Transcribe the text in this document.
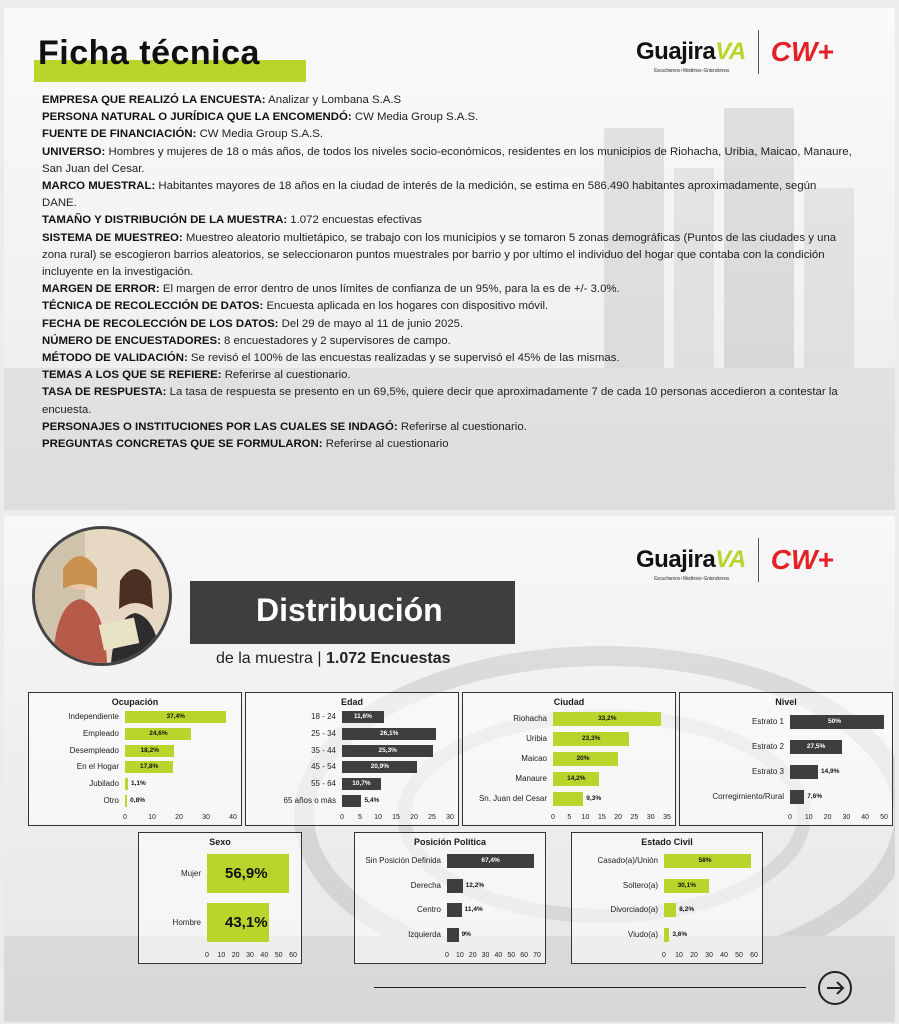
Ficha técnica	GuajiraVA
Escuchamos • Medimos • Entendemos
CW+

EMPRESA QUE REALIZÓ LA ENCUESTA: Analizar y Lombana S.A.S

PERSONA NATURAL O JURÍDICA QUE LA ENCOMENDÓ: CW Media Group S.A.S.

FUENTE DE FINANCIACIÓN: CW Media Group S.A.S.

UNIVERSO: Hombres y mujeres de 18 o más años, de todos los niveles socio-económicos, residentes en los municipios de Riohacha, Uribia, Maicao, Manaure, San Juan del Cesar.

MARCO MUESTRAL: Habitantes mayores de 18 años en la ciudad de interés de la medición, se estima en 586.490 habitantes aproximadamente, según DANE.

TAMAÑO Y DISTRIBUCIÓN DE LA MUESTRA: 1.072 encuestas efectivas

SISTEMA DE MUESTREO: Muestreo aleatorio multietápico, se trabajo con los municipios y se tomaron 5 zonas demográficas (Puntos de las ciudades y una zona rural) se escogieron barrios aleatorios, se seleccionaron puntos muestrales por barrio y por ultimo el individuo del hogar que contaba con la condición incluyente en la investigación.

MARGEN DE ERROR: El margen de error dentro de unos límites de confianza de un 95%, para la es de +/- 3.0%.

TÉCNICA DE RECOLECCIÓN DE DATOS: Encuesta aplicada en los hogares con dispositivo móvil.

FECHA DE RECOLECCIÓN DE LOS DATOS: Del 29 de mayo al 11 de junio 2025.

NÚMERO DE ENCUESTADORES: 8 encuestadores y 2 supervisores de campo.

MÉTODO DE VALIDACIÓN: Se revisó el 100% de las encuestas realizadas y se supervisó el 45% de las mismas.

TEMAS A LOS QUE SE REFIERE: Referirse al cuestionario.

TASA DE RESPUESTA: La tasa de respuesta se presento en un 69,5%, quiere decir que aproximadamente 7 de cada 10 personas accedieron a contestar la encuesta.

PERSONAJES O INSTITUCIONES POR LAS CUALES SE INDAGÓ: Referirse al cuestionario.

PREGUNTAS CONCRETAS QUE SE FORMULARON: Referirse al cuestionario

GuajiraVA
Escuchamos • Medimos • Entendemos
CW+
Distribución
de la muestra | 1.072 Encuestas
Ocupación
Independiente	37,4%
Empleado	24,6%
Desempleado	18,2%
En el Hogar	17,8%
Jubilado 1,1%
Otro 0,8%
0	10	20	30	40
Edad
18 - 24	11,6%
25 - 34	26,1%
35 - 44	25,3%
45 - 54	20,9%
55 - 64	10,7%
65 años o más	5,4%
0 5 10 15 20 25 30
Ciudad
Riohacha	33,2%
Uribia	23,3%
Maicao	20%
Manaure	14,2%
Sn. Juan del Cesar	9,3%
0 5 10 15 20 25 30 35
Nivel
Estrato 1	50%
Estrato 2	27,5%
Estrato 3	14,9%
Corregimiento/Rural	7,6%
0 10 20 30 40 50
Sexo
Mujer 56,9%
Hombre 43,1%
0 10 20 30 40 50 60
Posición Política
Sin Posición Definida	67,4%
Derecha	12,2%
Centro	11,4%
Izquierda	9%
0 10 20 30 40 50 60 70
Estado Civil
Casado(a)/Unión	58%
Soltero(a)	30,1%
Divorciado(a)	8,2%
Viudo(a) 3,6%
0 10 20 30 40 50 60
